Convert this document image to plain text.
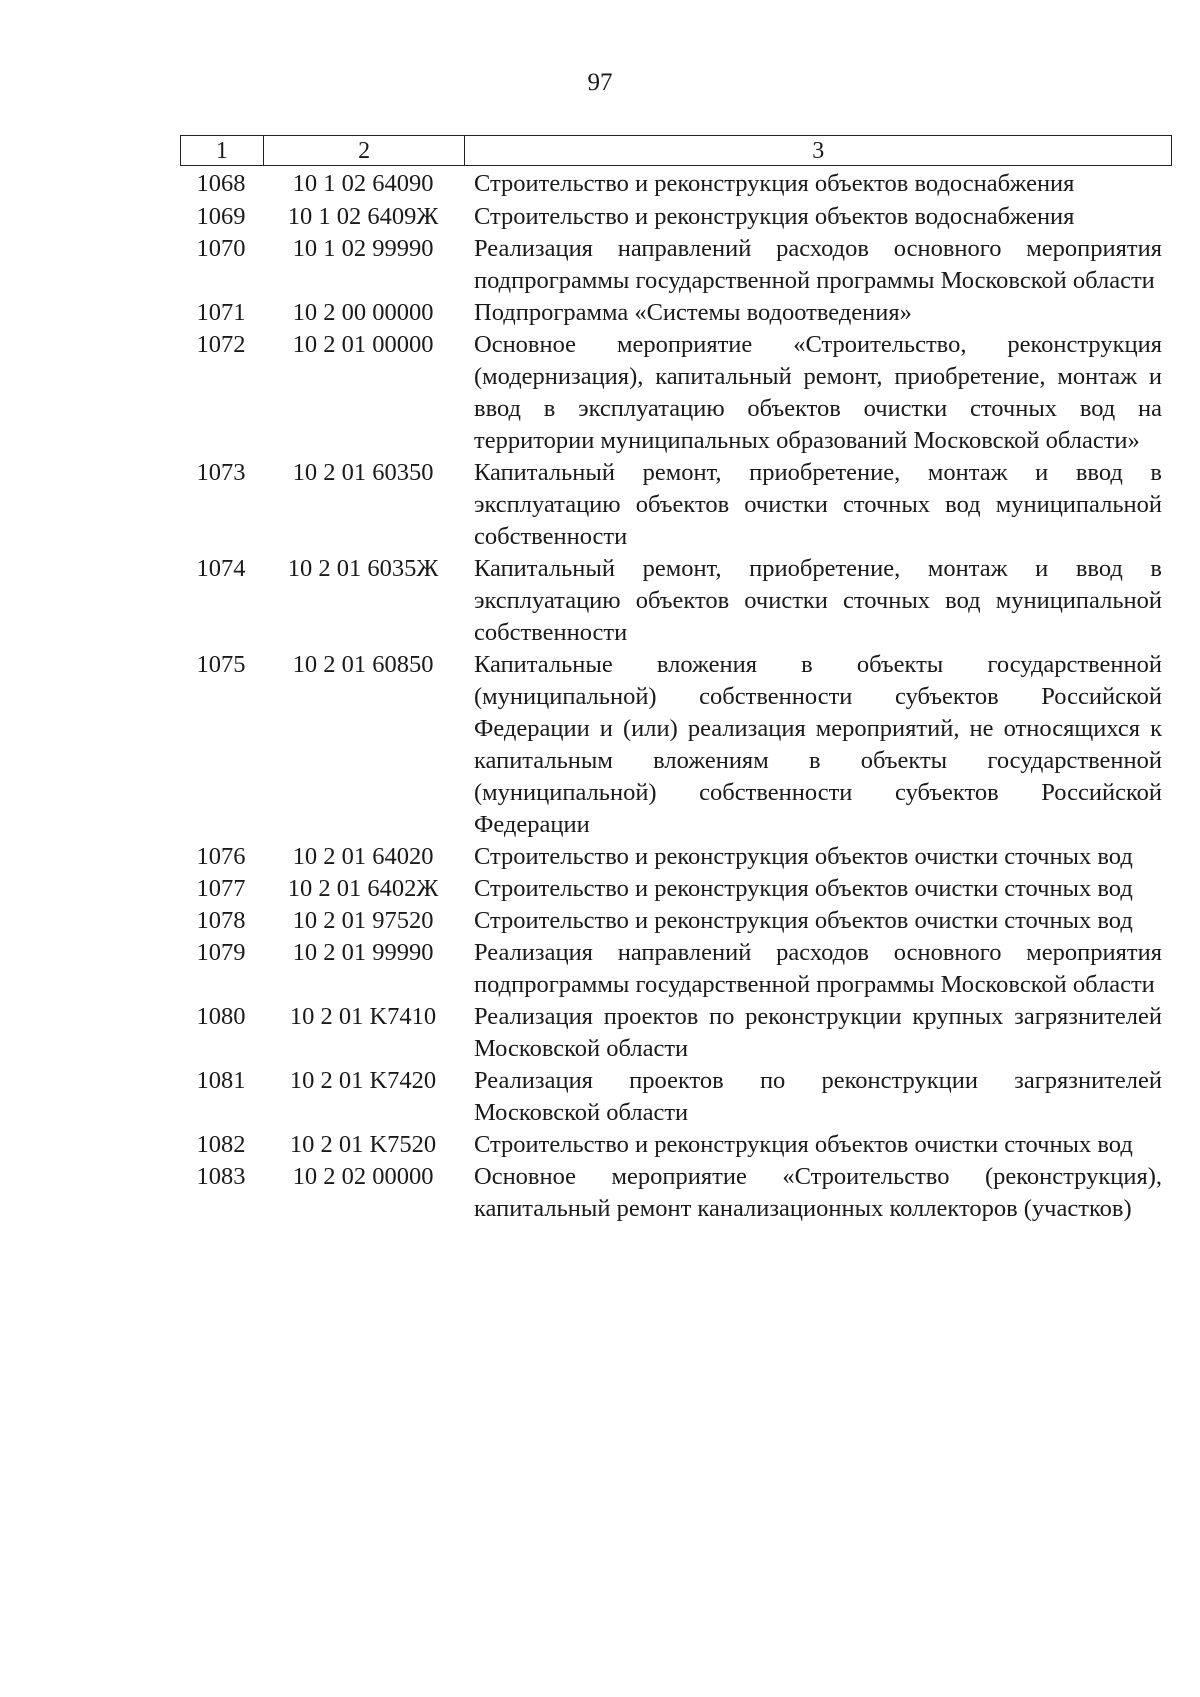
97
1	2	3
1068	10 1 02 64090	Строительство и реконструкция объектов водоснабжения
1069	10 1 02 6409Ж	Строительство и реконструкция объектов водоснабжения
1070	10 1 02 99990	Реализация направлений расходов основного мероприятия подпрограммы государственной программы Московской области
1071	10 2 00 00000	Подпрограмма «Системы водоотведения»
1072	10 2 01 00000	Основное мероприятие «Строительство, реконструкция (модернизация), капитальный ремонт, приобретение, монтаж и ввод в эксплуатацию объектов очистки сточных вод на территории муниципальных образований Московской области»
1073	10 2 01 60350	Капитальный ремонт, приобретение, монтаж и ввод в эксплуатацию объектов очистки сточных вод муниципальной собственности
1074	10 2 01 6035Ж	Капитальный ремонт, приобретение, монтаж и ввод в эксплуатацию объектов очистки сточных вод муниципальной собственности
1075	10 2 01 60850	Капитальные вложения в объекты государственной (муниципальной) собственности субъектов Российской Федерации и (или) реализация мероприятий, не относящихся к капитальным вложениям в объекты государственной (муниципальной) собственности субъектов Российской Федерации
1076	10 2 01 64020	Строительство и реконструкция объектов очистки сточных вод
1077	10 2 01 6402Ж	Строительство и реконструкция объектов очистки сточных вод
1078	10 2 01 97520	Строительство и реконструкция объектов очистки сточных вод
1079	10 2 01 99990	Реализация направлений расходов основного мероприятия подпрограммы государственной программы Московской области
1080	10 2 01 K7410	Реализация проектов по реконструкции крупных загрязнителей Московской области
1081	10 2 01 K7420	Реализация проектов по реконструкции загрязнителей Московской области
1082	10 2 01 K7520	Строительство и реконструкция объектов очистки сточных вод
1083	10 2 02 00000	Основное мероприятие «Строительство (реконструкция), капитальный ремонт канализационных коллекторов (участков)
